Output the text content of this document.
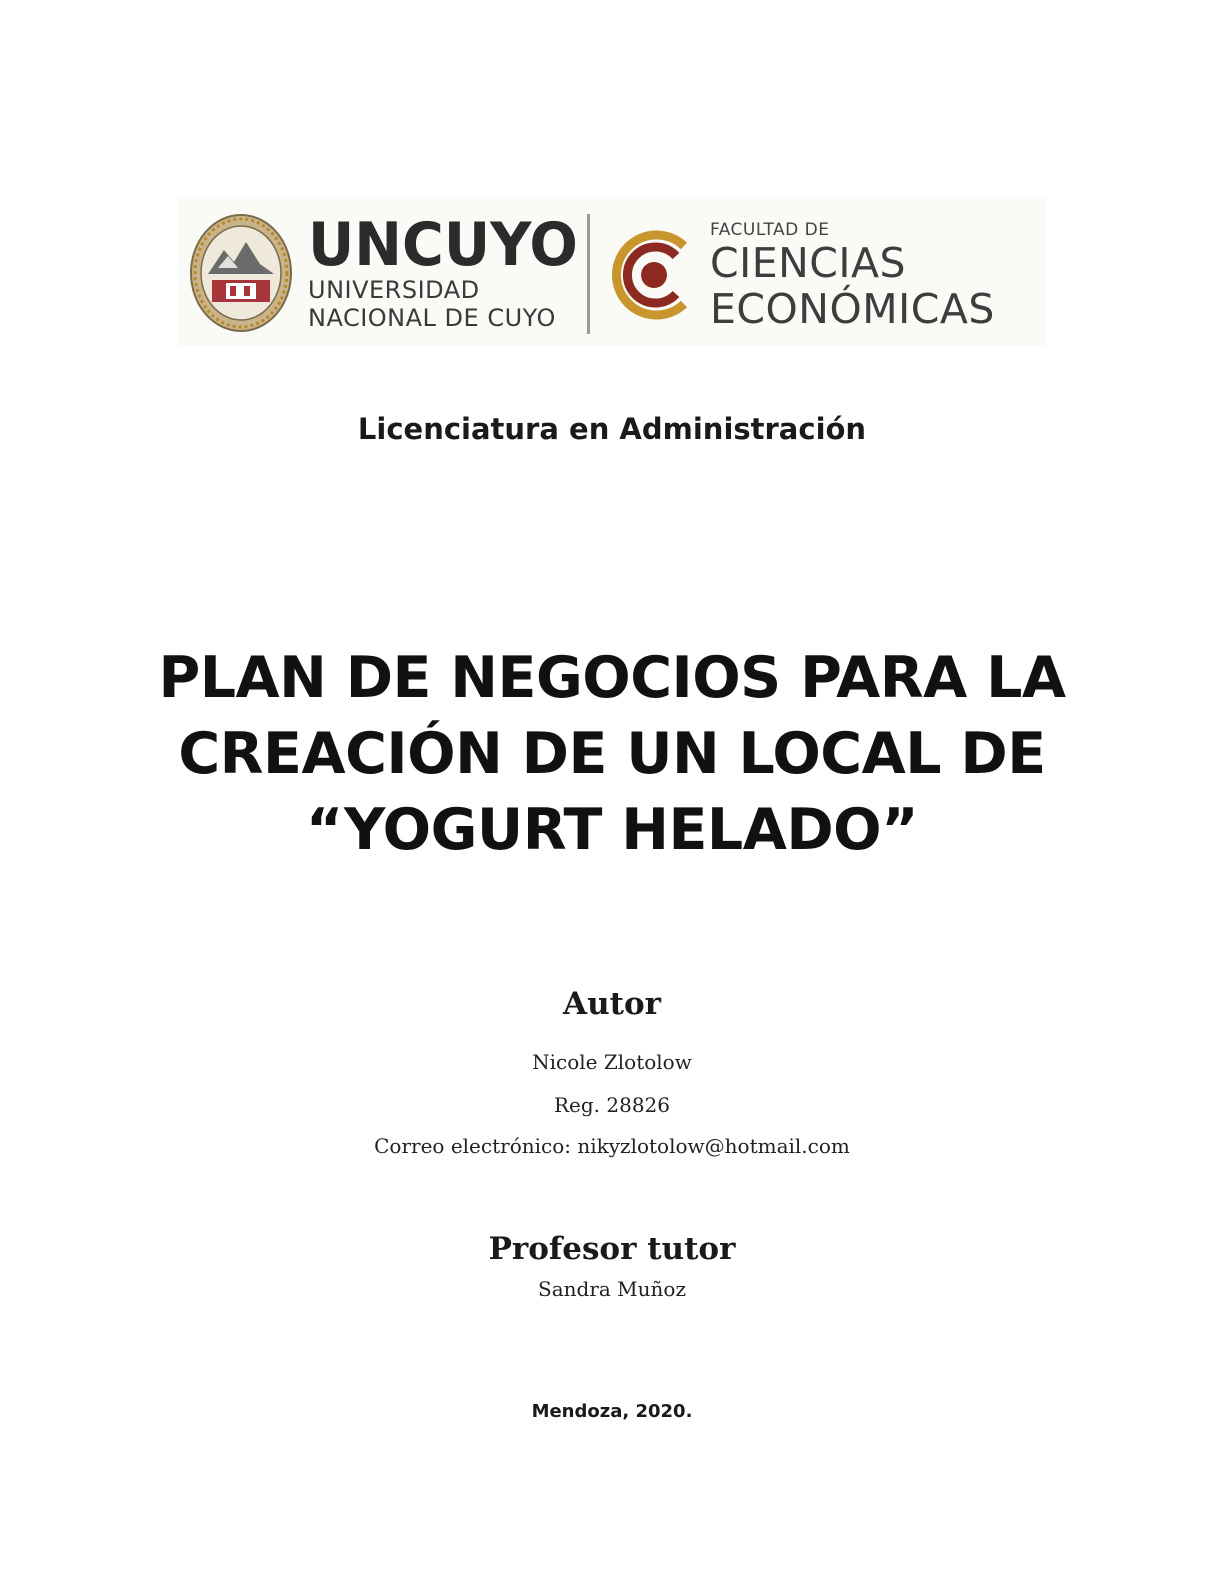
UNCUYO
UNIVERSIDAD
NACIONAL DE CUYO
FACULTAD DE
CIENCIAS
ECONÓMICAS
Licenciatura en Administración
PLAN DE NEGOCIOS PARA LA
CREACIÓN DE UN LOCAL DE
“YOGURT HELADO”
Autor
Nicole Zlotolow
Reg. 28826
Correo electrónico: nikyzlotolow@hotmail.com
Profesor tutor
Sandra Muñoz
Mendoza, 2020.
